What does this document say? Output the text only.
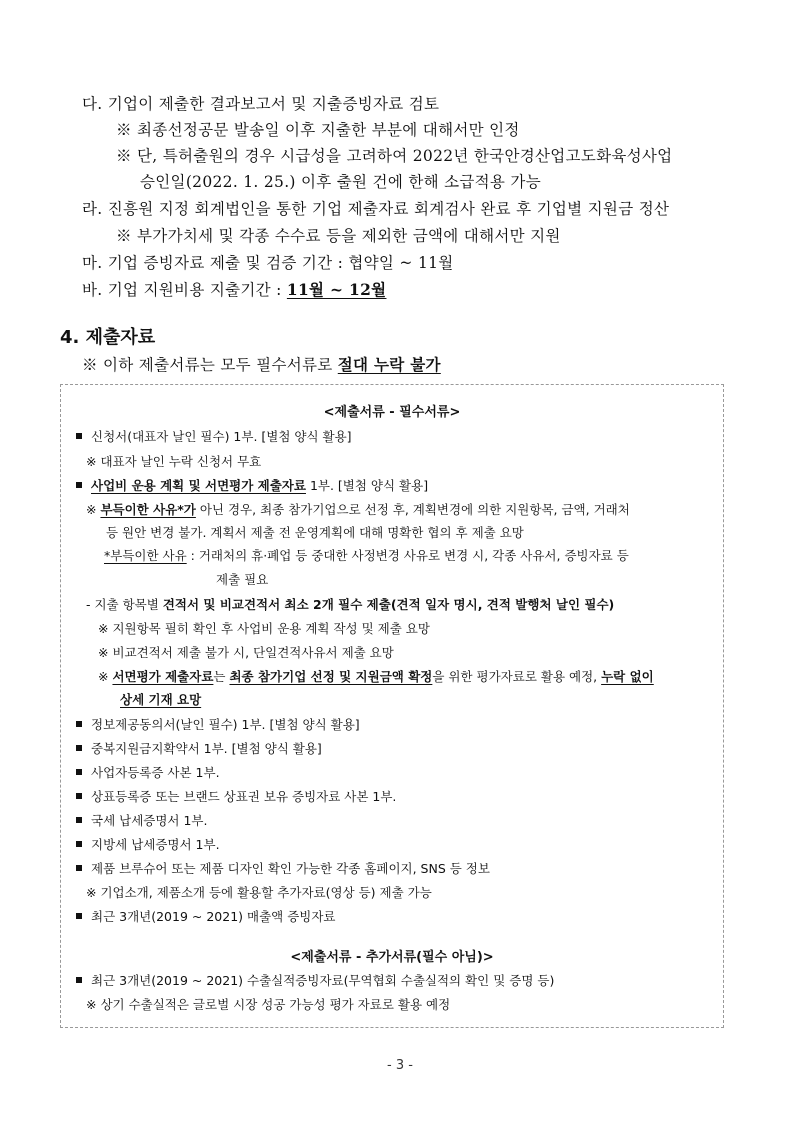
다. 기업이 제출한 결과보고서 및 지출증빙자료 검토
※ 최종선정공문 발송일 이후 지출한 부분에 대해서만 인정
※ 단, 특허출원의 경우 시급성을 고려하여 2022년 한국안경산업고도화육성사업
승인일(2022. 1. 25.) 이후 출원 건에 한해 소급적용 가능
라. 진흥원 지정 회계법인을 통한 기업 제출자료 회계검사 완료 후 기업별 지원금 정산
※ 부가가치세 및 각종 수수료 등을 제외한 금액에 대해서만 지원
마. 기업 증빙자료 제출 및 검증 기간 : 협약일 ~ 11월
바. 기업 지원비용 지출기간 : 11월 ~ 12월
4. 제출자료
※ 이하 제출서류는 모두 필수서류로 절대 누락 불가
<제출서류 - 필수서류>
신청서(대표자 날인 필수) 1부. [별첨 양식 활용]
※ 대표자 날인 누락 신청서 무효
사업비 운용 계획 및 서면평가 제출자료 1부. [별첨 양식 활용]
※ 부득이한 사유*가 아닌 경우, 최종 참가기업으로 선정 후, 계획변경에 의한 지원항목, 금액, 거래처
등 원안 변경 불가. 계획서 제출 전 운영계획에 대해 명확한 협의 후 제출 요망
*부득이한 사유 : 거래처의 휴·폐업 등 중대한 사정변경 사유로 변경 시, 각종 사유서, 증빙자료 등
제출 필요
- 지출 항목별 견적서 및 비교견적서 최소 2개 필수 제출(견적 일자 명시, 견적 발행처 날인 필수)
※ 지원항목 필히 확인 후 사업비 운용 계획 작성 및 제출 요망
※ 비교견적서 제출 불가 시, 단일견적사유서 제출 요망
※ 서면평가 제출자료는 최종 참가기업 선정 및 지원금액 확정을 위한 평가자료로 활용 예정, 누락 없이
상세 기재 요망
정보제공동의서(날인 필수) 1부. [별첨 양식 활용]
중복지원금지확약서 1부. [별첨 양식 활용]
사업자등록증 사본 1부.
상표등록증 또는 브랜드 상표권 보유 증빙자료 사본 1부.
국세 납세증명서 1부.
지방세 납세증명서 1부.
제품 브루슈어 또는 제품 디자인 확인 가능한 각종 홈페이지, SNS 등 정보
※ 기업소개, 제품소개 등에 활용할 추가자료(영상 등) 제출 가능
최근 3개년(2019 ~ 2021) 매출액 증빙자료
<제출서류 - 추가서류(필수 아님)>
최근 3개년(2019 ~ 2021) 수출실적증빙자료(무역협회 수출실적의 확인 및 증명 등)
※ 상기 수출실적은 글로벌 시장 성공 가능성 평가 자료로 활용 예정
- 3 -
